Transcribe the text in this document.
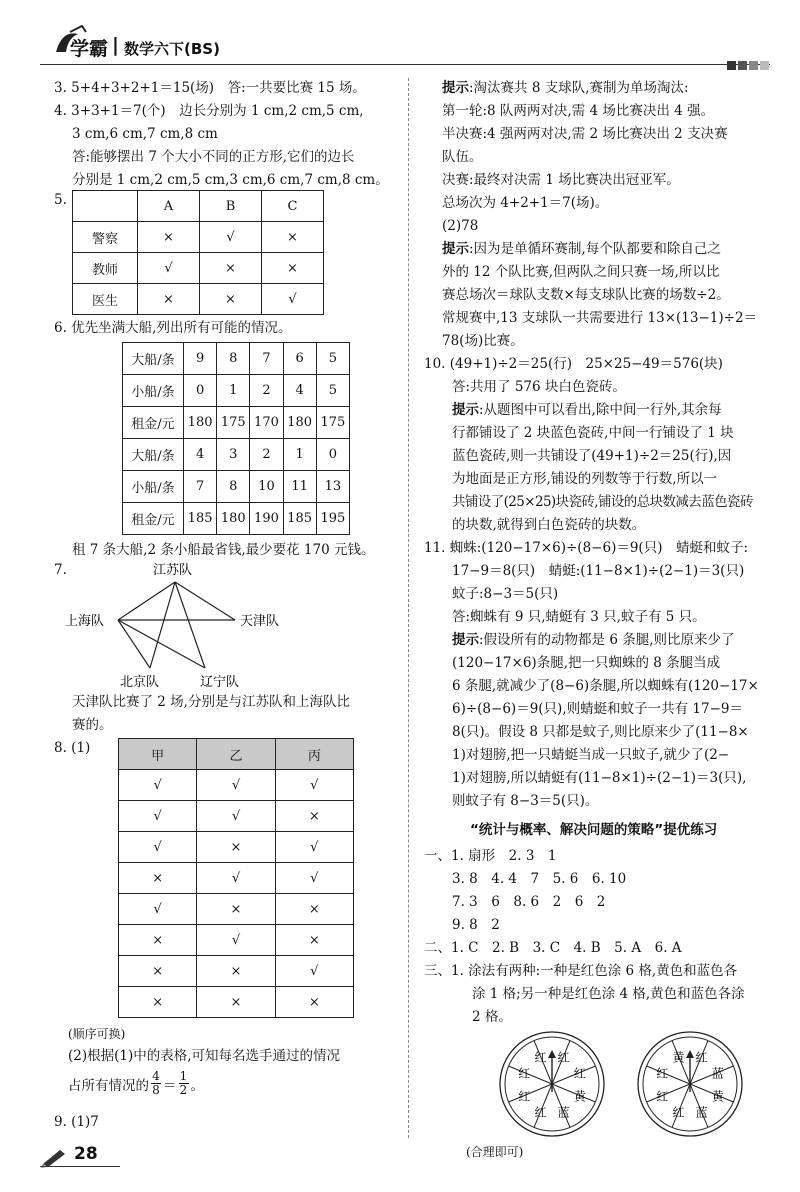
学霸 | 数学六下(BS)
3. 5+4+3+2+1＝15(场)　答:一共要比赛 15 场。
4. 3+3+1＝7(个)　边长分别为 1 cm,2 cm,5 cm,
3 cm,6 cm,7 cm,8 cm
答:能够摆出 7 个大小不同的正方形,它们的边长
分别是 1 cm,2 cm,5 cm,3 cm,6 cm,7 cm,8 cm。
5.
		A	B	C
警察	×	√	×
教师	√	×	×
医生	×	×	√
6. 优先坐满大船,列出所有可能的情况。
大船/条	9	8	7	6	5
小船/条	0	1	2	4	5
租金/元	180	175	170	180	175
大船/条	4	3	2	1	0
小船/条	7	8	10	11	13
租金/元	185	180	190	185	195
租 7 条大船,2 条小船最省钱,最少要花 170 元钱。
7.	江苏队
上海队	天津队
北京队	辽宁队
天津队比赛了 2 场,分别是与江苏队和上海队比
赛的。
8. (1)	甲	乙	丙
√	√	√
√	√	×
√	×	√
×	√	√
√	×	×
×	√	×
×	×	√
×	×	×
(顺序可换)
(2)根据(1)中的表格,可知每名选手通过的情况
占所有情况的
4
8 ＝
1
2 。
9. (1)7
28
提示:淘汰赛共 8 支球队,赛制为单场淘汰:
第一轮:8 队两两对决,需 4 场比赛决出 4 强。
半决赛:4 强两两对决,需 2 场比赛决出 2 支决赛
队伍。
决赛:最终对决需 1 场比赛决出冠亚军。
总场次为 4+2+1＝7(场)。
(2)78
提示:因为是单循环赛制,每个队都要和除自己之
外的 12 个队比赛,但两队之间只赛一场,所以比
赛总场次＝球队支数×每支球队比赛的场数÷2。
常规赛中,13 支球队一共需要进行 13×(13−1)÷2＝
78(场)比赛。
10. (49+1)÷2＝25(行)　25×25−49＝576(块)
答:共用了 576 块白色瓷砖。
提示:从题图中可以看出,除中间一行外,其余每
行都铺设了 2 块蓝色瓷砖,中间一行铺设了 1 块
蓝色瓷砖,则一共铺设了(49+1)÷2＝25(行),因
为地面是正方形,铺设的列数等于行数,所以一
共铺设了(25×25)块瓷砖,铺设的总块数减去蓝色瓷砖
的块数,就得到白色瓷砖的块数。
11. 蜘蛛:(120−17×6)÷(8−6)＝9(只)　蜻蜓和蚊子:
17−9＝8(只)　蜻蜓:(11−8×1)÷(2−1)＝3(只)
蚊子:8−3＝5(只)
答:蜘蛛有 9 只,蜻蜓有 3 只,蚊子有 5 只。
提示:假设所有的动物都是 6 条腿,则比原来少了
(120−17×6)条腿,把一只蜘蛛的 8 条腿当成
6 条腿,就减少了(8−6)条腿,所以蜘蛛有(120−17×
6)÷(8−6)＝9(只),则蜻蜓和蚊子一共有 17−9＝
8(只)。假设 8 只都是蚊子,则比原来少了(11−8×
1)对翅膀,把一只蜻蜓当成一只蚊子,就少了(2−
1)对翅膀,所以蜻蜓有(11−8×1)÷(2−1)＝3(只),
则蚊子有 8−3＝5(只)。
“统计与概率、解决问题的策略”提优练习
一、1. 扇形　2. 3　1
3. 8　4. 4　7　5. 6　6. 10
7. 3　6　8. 6　2　6　2
9. 8　2
二、1. C　2. B　3. C　4. B　5. A　6. A
三、1. 涂法有两种:一种是红色涂 6 格,黄色和蓝色各
涂 1 格;另一种是红色涂 4 格,黄色和蓝色各涂
2 格。
红 红
红
黄
蓝
红
红
红
黄 红
蓝
黄
蓝
红
红
红
(合理即可)
